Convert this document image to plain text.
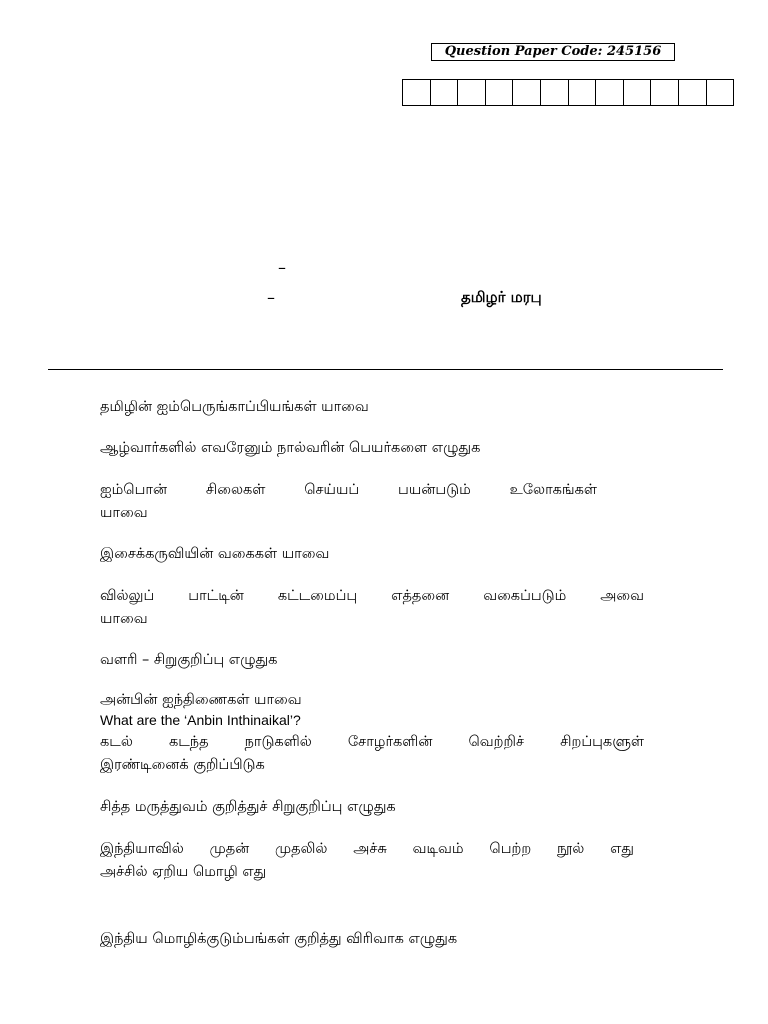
Question Paper Code: 245156
–
–	தமிழர் மரபு
தமிழின் ஐம்பெருங்காப்பியங்கள் யாவை
ஆழ்வார்களில் எவரேனும் நால்வரின் பெயர்களை எழுதுக
ஐம்பொன் சிலைகள் செய்யப் பயன்படும் உலோகங்கள்
யாவை
இசைக்கருவியின் வகைகள் யாவை
வில்லுப் பாட்டின் கட்டமைப்பு எத்தனை வகைப்படும் அவை
யாவை
வளரி – சிறுகுறிப்பு எழுதுக
அன்பின் ஐந்திணைகள் யாவை
What are the ‘Anbin Inthinaikal’?
கடல் கடந்த நாடுகளில் சோழர்களின் வெற்றிச் சிறப்புகளுள்
இரண்டினைக் குறிப்பிடுக
சித்த மருத்துவம் குறித்துச் சிறுகுறிப்பு எழுதுக
இந்தியாவில் முதன் முதலில் அச்சு வடிவம் பெற்ற நூல் எது
அச்சில் ஏறிய மொழி எது
இந்திய மொழிக்குடும்பங்கள் குறித்து விரிவாக எழுதுக
